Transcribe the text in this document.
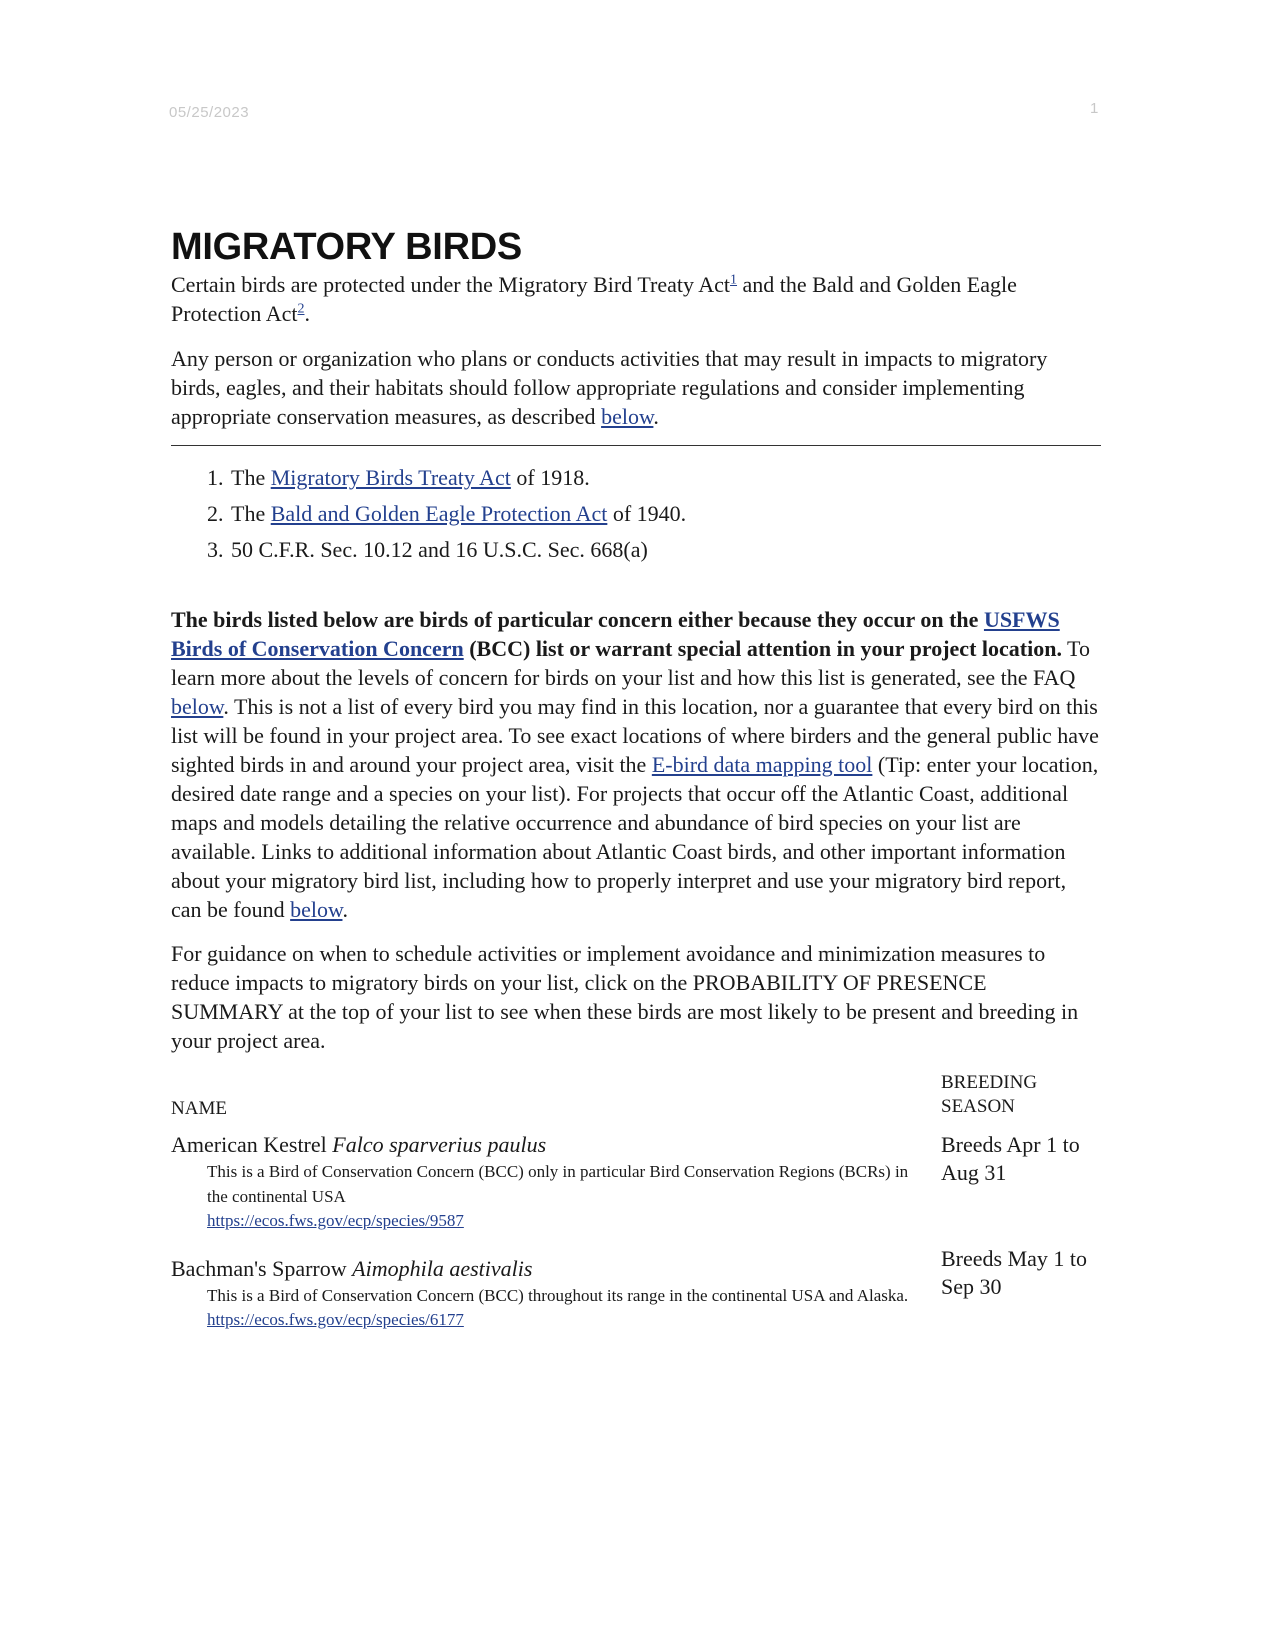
05/25/2023	1
MIGRATORY BIRDS

Certain birds are protected under the Migratory Bird Treaty Act$^1$ and the Bald and Golden Eagle Protection Act$^2$.

Any person or organization who plans or conducts activities that may result in impacts to migratory birds, eagles, and their habitats should follow appropriate regulations and consider implementing appropriate conservation measures, as described below.

1. The Migratory Birds Treaty Act of 1918.
2. The Bald and Golden Eagle Protection Act of 1940.
3. 50 C.F.R. Sec. 10.12 and 16 U.S.C. Sec. 668(a)

The birds listed below are birds of particular concern either because they occur on the USFWS Birds of Conservation Concern (BCC) list or warrant special attention in your project location. To learn more about the levels of concern for birds on your list and how this list is generated, see the FAQ below. This is not a list of every bird you may find in this location, nor a guarantee that every bird on this list will be found in your project area. To see exact locations of where birders and the general public have sighted birds in and around your project area, visit the E-bird data mapping tool (Tip: enter your location, desired date range and a species on your list). For projects that occur off the Atlantic Coast, additional maps and models detailing the relative occurrence and abundance of bird species on your list are available. Links to additional information about Atlantic Coast birds, and other important information about your migratory bird list, including how to properly interpret and use your migratory bird report, can be found below.

For guidance on when to schedule activities or implement avoidance and minimization measures to reduce impacts to migratory birds on your list, click on the PROBABILITY OF PRESENCE SUMMARY at the top of your list to see when these birds are most likely to be present and breeding in your project area.

NAME	BREEDING SEASON

American Kestrel Falco sparverius paulus
This is a Bird of Conservation Concern (BCC) only in particular Bird Conservation Regions (BCRs) in the continental USA
https://ecos.fws.gov/ecp/species/9587	Breeds Apr 1 to Aug 31

Bachman's Sparrow Aimophila aestivalis
This is a Bird of Conservation Concern (BCC) throughout its range in the continental USA and Alaska.
https://ecos.fws.gov/ecp/species/6177	Breeds May 1 to Sep 30
